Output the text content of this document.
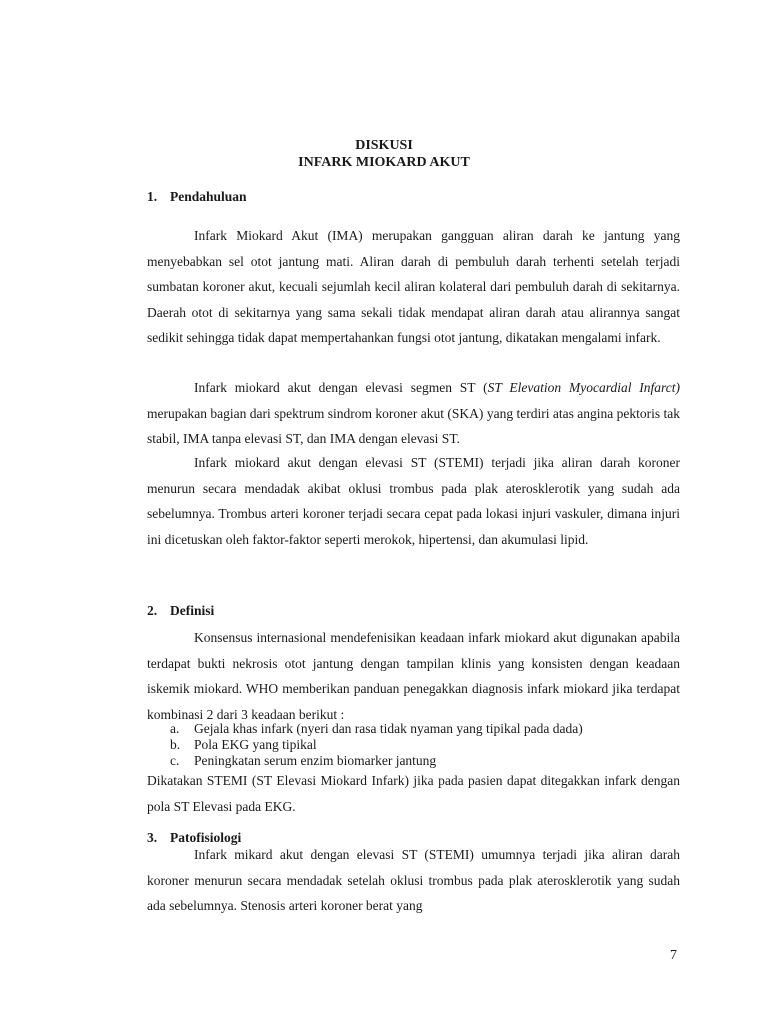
DISKUSI
INFARK MIOKARD AKUT
1. Pendahuluan

Infark Miokard Akut (IMA) merupakan gangguan aliran darah ke jantung yang menyebabkan sel otot jantung mati. Aliran darah di pembuluh darah terhenti setelah terjadi sumbatan koroner akut, kecuali sejumlah kecil aliran kolateral dari pembuluh darah di sekitarnya. Daerah otot di sekitarnya yang sama sekali tidak mendapat aliran darah atau alirannya sangat sedikit sehingga tidak dapat mempertahankan fungsi otot jantung, dikatakan mengalami infark.

Infark miokard akut dengan elevasi segmen ST (ST Elevation Myocardial Infarct) merupakan bagian dari spektrum sindrom koroner akut (SKA) yang terdiri atas angina pektoris tak stabil, IMA tanpa elevasi ST, dan IMA dengan elevasi ST.

Infark miokard akut dengan elevasi ST (STEMI) terjadi jika aliran darah koroner menurun secara mendadak akibat oklusi trombus pada plak aterosklerotik yang sudah ada sebelumnya. Trombus arteri koroner terjadi secara cepat pada lokasi injuri vaskuler, dimana injuri ini dicetuskan oleh faktor-faktor seperti merokok, hipertensi, dan akumulasi lipid.

2. Definisi

Konsensus internasional mendefenisikan keadaan infark miokard akut digunakan apabila terdapat bukti nekrosis otot jantung dengan tampilan klinis yang konsisten dengan keadaan iskemik miokard. WHO memberikan panduan penegakkan diagnosis infark miokard jika terdapat kombinasi 2 dari 3 keadaan berikut :

a.	Gejala khas infark (nyeri dan rasa tidak nyaman yang tipikal pada dada)
b.	Pola EKG yang tipikal
c.	Peningkatan serum enzim biomarker jantung

Dikatakan STEMI (ST Elevasi Miokard Infark) jika pada pasien dapat ditegakkan infark dengan pola ST Elevasi pada EKG.

3. Patofisiologi

Infark mikard akut dengan elevasi ST (STEMI) umumnya terjadi jika aliran darah koroner menurun secara mendadak setelah oklusi trombus pada plak aterosklerotik yang sudah ada sebelumnya. Stenosis arteri koroner berat yang

7
